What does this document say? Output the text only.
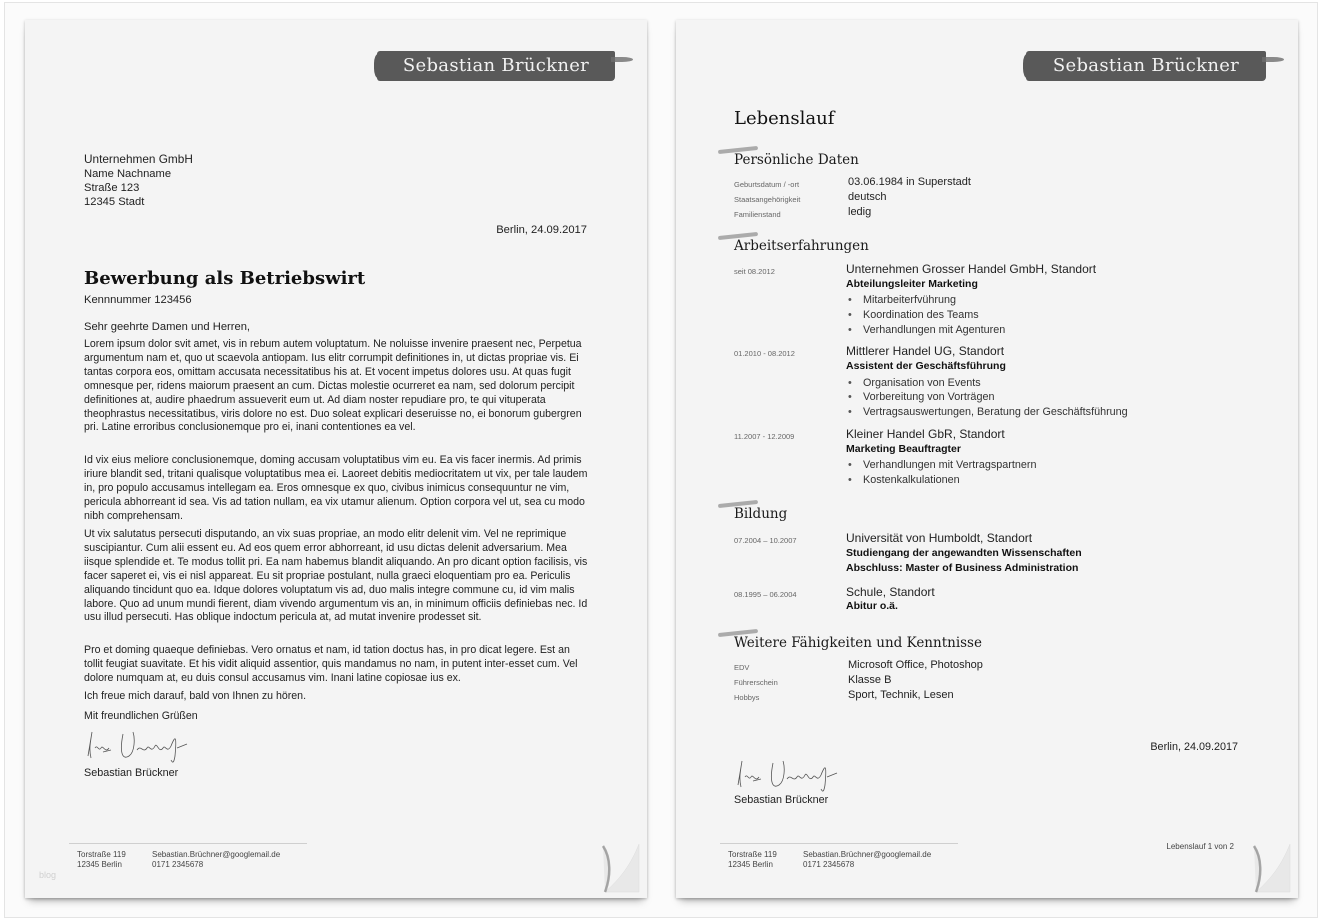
Sebastian Brückner
Unternehmen GmbH
Name Nachname
Straße 123
12345 Stadt
Berlin, 24.09.2017
Bewerbung als Betriebswirt
Kennnummer 123456
Sehr geehrte Damen und Herren,

Lorem ipsum dolor svit amet, vis in rebum autem voluptatum. Ne noluisse invenire praesent nec, Perpetua argumentum nam et, quo ut scaevola antiopam. Ius elitr corrumpit definitiones in, ut dictas propriae vis. Ei tantas corpora eos, omittam accusata necessitatibus his at. Et vocent impetus dolores usu. At quas fugit omnesque per, ridens maiorum praesent an cum. Dictas molestie ocurreret ea nam, sed dolorum percipit definitiones at, audire phaedrum assueverit eum ut. Ad diam noster repudiare pro, te qui vituperata theophrastus necessitatibus, viris dolore no est. Duo soleat explicari deseruisse no, ei bonorum gubergren pri. Latine erroribus conclusionemque pro ei, inani contentiones ea vel.

Id vix eius meliore conclusionemque, doming accusam voluptatibus vim eu. Ea vis facer inermis. Ad primis iriure blandit sed, tritani qualisque voluptatibus mea ei. Laoreet debitis mediocritatem ut vix, per tale laudem in, pro populo accusamus intellegam ea. Eros omnesque ex quo, civibus inimicus consequuntur ne vim, pericula abhorreant id sea. Vis ad tation nullam, ea vix utamur alienum. Option corpora vel ut, sea cu modo nibh comprehensam.

Ut vix salutatus persecuti disputando, an vix suas propriae, an modo elitr delenit vim. Vel ne reprimique suscipiantur. Cum alii essent eu. Ad eos quem error abhorreant, id usu dictas delenit adversarium. Mea iisque splendide et. Te modus tollit pri. Ea nam habemus blandit aliquando. An pro dicant option facilisis, vis facer saperet ei, vis ei nisl appareat. Eu sit propriae postulant, nulla graeci eloquentiam pro ea. Periculis aliquando tincidunt quo ea. Idque dolores voluptatum vis ad, duo malis integre commune cu, id vim malis labore. Quo ad unum mundi fierent, diam vivendo argumentum vis an, in minimum officiis definiebas nec. Id usu illud persecuti. Has oblique indoctum pericula at, ad mutat invenire prodesset sit.

Pro et doming quaeque definiebas. Vero ornatus et nam, id tation doctus has, in pro dicat legere. Est an tollit feugiat suavitate. Et his vidit aliquid assentior, quis mandamus no nam, in putent inter-esset cum. Vel dolore numquam at, eu duis consul accusamus vim. Inani latine copiosae ius ex.

Ich freue mich darauf, bald von Ihnen zu hören.

Mit freundlichen Grüßen
Sebastian Brückner
Torstraße 119
12345 Berlin
Sebastian.Brüchner@googlemail.de
0171 2345678
blog
Sebastian Brückner
Lebenslauf
Persönliche Daten
Geburtsdatum / -ort	03.06.1984 in Superstadt
Staatsangehörigkeit	deutsch
Familienstand	ledig
Arbeitserfahrungen
seit 08.2012	Unternehmen Grosser Handel GmbH, Standort
Abteilungsleiter Marketing
• Mitarbeiterfvührung
• Koordination des Teams
• Verhandlungen mit Agenturen
01.2010 - 08.2012	Mittlerer Handel UG, Standort
Assistent der Geschäftsführung
• Organisation von Events
• Vorbereitung von Vorträgen
• Vertragsauswertungen, Beratung der Geschäftsführung
11.2007 - 12.2009	Kleiner Handel GbR, Standort
Marketing Beauftragter
• Verhandlungen mit Vertragspartnern
• Kostenkalkulationen
Bildung
07.2004 – 10.2007	Universität von Humboldt, Standort
Studiengang der angewandten Wissenschaften
Abschluss: Master of Business Administration
08.1995 – 06.2004	Schule, Standort
Abitur o.ä.
Weitere Fähigkeiten und Kenntnisse
EDV	Microsoft Office, Photoshop
Führerschein	Klasse B
Hobbys	Sport, Technik, Lesen
Berlin, 24.09.2017
Sebastian Brückner
Torstraße 119
12345 Berlin
Sebastian.Brüchner@googlemail.de
0171 2345678
Lebenslauf 1 von 2
